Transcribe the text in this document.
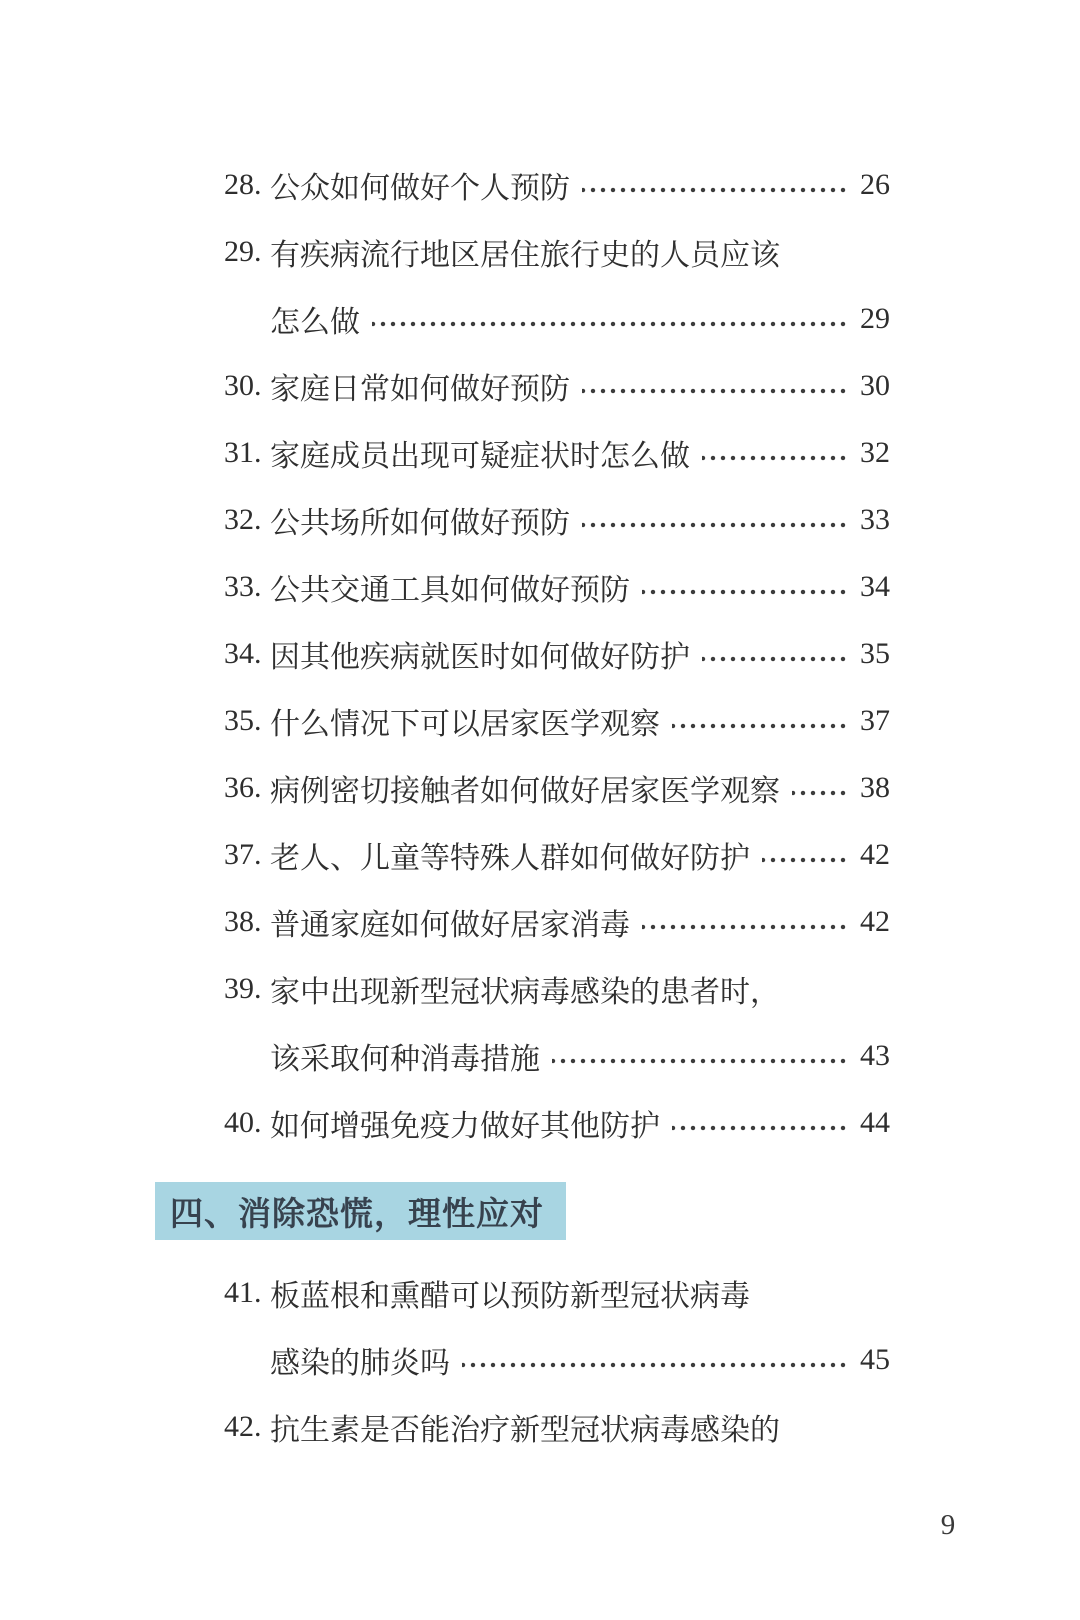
28. 公众如何做好个人预防	26
29. 有疾病流行地区居住旅行史的人员应该
怎么做	29
30. 家庭日常如何做好预防	30
31. 家庭成员出现可疑症状时怎么做	32
32. 公共场所如何做好预防	33
33. 公共交通工具如何做好预防	34
34. 因其他疾病就医时如何做好防护	35
35. 什么情况下可以居家医学观察	37
36. 病例密切接触者如何做好居家医学观察	38
37. 老人、儿童等特殊人群如何做好防护	42
38. 普通家庭如何做好居家消毒	42
39. 家中出现新型冠状病毒感染的患者时，
该采取何种消毒措施	43
40. 如何增强免疫力做好其他防护	44
四、消除恐慌，理性应对
41. 板蓝根和熏醋可以预防新型冠状病毒
感染的肺炎吗	45
42. 抗生素是否能治疗新型冠状病毒感染的
9
